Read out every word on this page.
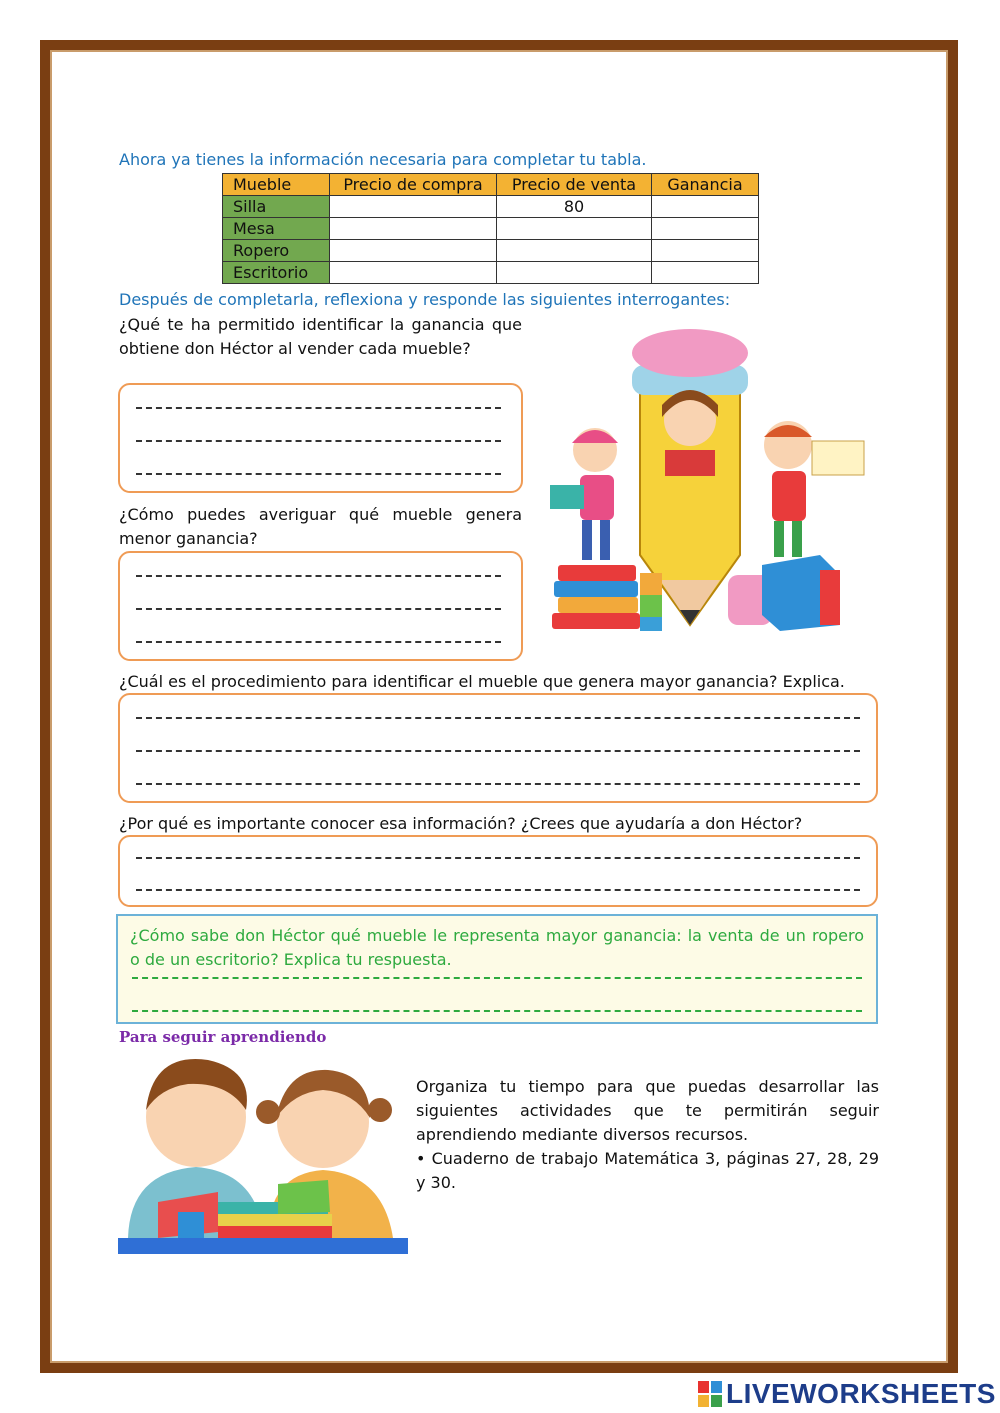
Ahora ya tienes la información necesaria para completar tu tabla.
Mueble	Precio de compra	Precio de venta	Ganancia
Silla		80	
Mesa			
Ropero			
Escritorio			
Después de completarla, reflexiona y responde las siguientes interrogantes:
¿Qué te ha permitido identificar la ganancia que obtiene don Héctor al vender cada mueble?
¿Cómo puedes averiguar qué mueble genera menor ganancia?
¿Cuál es el procedimiento para identificar el mueble que genera mayor ganancia? Explica.
¿Por qué es importante conocer esa información? ¿Crees que ayudaría a don Héctor?
¿Cómo sabe don Héctor qué mueble le representa mayor ganancia: la venta de un ropero o de un escritorio? Explica tu respuesta.
Para seguir aprendiendo
Organiza tu tiempo para que puedas desarrollar las siguientes actividades que te permitirán seguir aprendiendo mediante diversos recursos.
• Cuaderno de trabajo Matemática 3, páginas 27, 28, 29 y 30.
LIVEWORKSHEETS
